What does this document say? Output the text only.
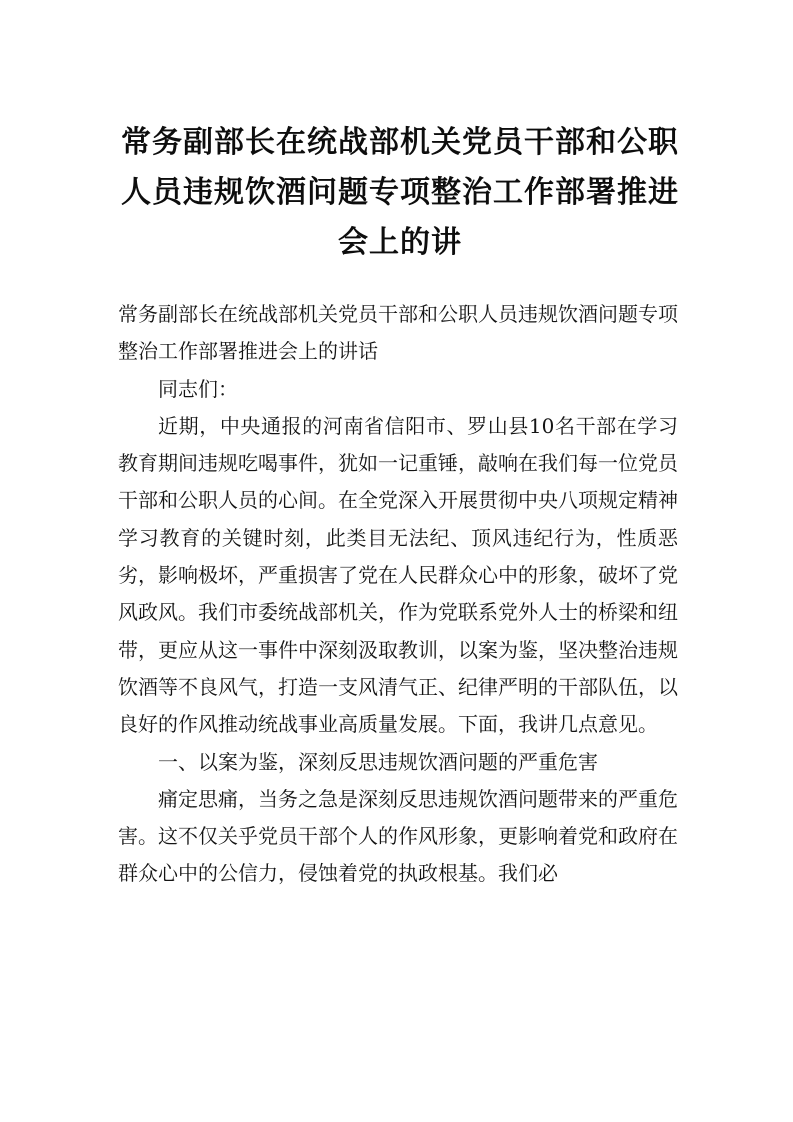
常务副部长在统战部机关党员干部和公职人员违规饮酒问题专项整治工作部署推进会上的讲

常务副部长在统战部机关党员干部和公职人员违规饮酒问题专项整治工作部署推进会上的讲话

同志们：

近期，中央通报的河南省信阳市、罗山县10名干部在学习教育期间违规吃喝事件，犹如一记重锤，敲响在我们每一位党员干部和公职人员的心间。在全党深入开展贯彻中央八项规定精神学习教育的关键时刻，此类目无法纪、顶风违纪行为，性质恶劣，影响极坏，严重损害了党在人民群众心中的形象，破坏了党风政风。我们市委统战部机关，作为党联系党外人士的桥梁和纽带，更应从这一事件中深刻汲取教训，以案为鉴，坚决整治违规饮酒等不良风气，打造一支风清气正、纪律严明的干部队伍，以良好的作风推动统战事业高质量发展。下面，我讲几点意见。

一、以案为鉴，深刻反思违规饮酒问题的严重危害

痛定思痛，当务之急是深刻反思违规饮酒问题带来的严重危害。这不仅关乎党员干部个人的作风形象，更影响着党和政府在群众心中的公信力，侵蚀着党的执政根基。我们必
